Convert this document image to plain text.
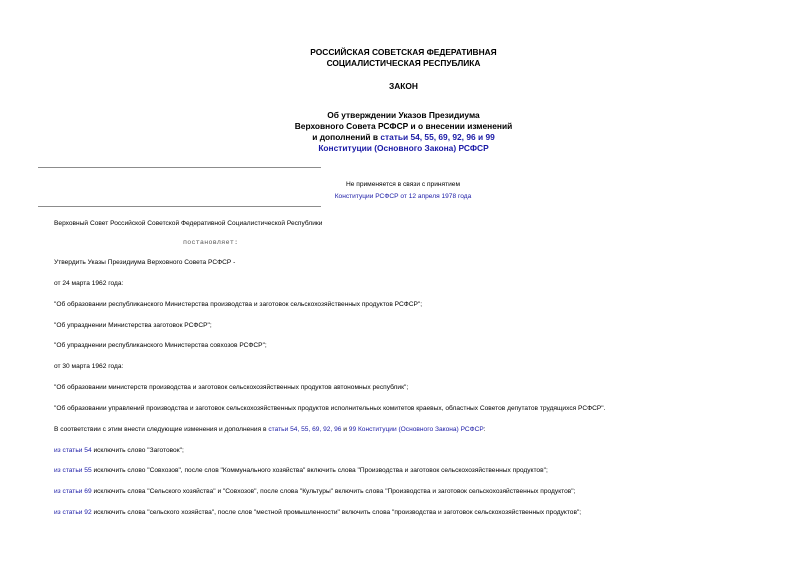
РОССИЙСКАЯ СОВЕТСКАЯ ФЕДЕРАТИВНАЯ
СОЦИАЛИСТИЧЕСКАЯ РЕСПУБЛИКА
ЗАКОН
Об утверждении Указов Президиума
Верховного Совета РСФСР и о внесении изменений
и дополнений в статьи 54, 55, 69, 92, 96 и 99
Конституции (Основного Закона) РСФСР
Не применяется в связи с принятием
Конституции РСФСР от 12 апреля 1978 года
Верховный Совет Российской Советской Федеративной Социалистической Республики
постановляет:
Утвердить Указы Президиума Верховного Совета РСФСР -
от 24 марта 1962 года:
"Об образовании республиканского Министерства производства и заготовок сельскохозяйственных продуктов РСФСР";
"Об упразднении Министерства заготовок РСФСР";
"Об упразднении республиканского Министерства совхозов РСФСР";
от 30 марта 1962 года:
"Об образовании министерств производства и заготовок сельскохозяйственных продуктов автономных республик";
"Об образовании управлений производства и заготовок сельскохозяйственных продуктов исполнительных комитетов краевых, областных Советов депутатов трудящихся РСФСР".
В соответствии с этим внести следующие изменения и дополнения в статьи 54, 55, 69, 92, 96 и 99 Конституции (Основного Закона) РСФСР:
из статьи 54 исключить слово "Заготовок";
из статьи 55 исключить слово "Совхозов", после слов "Коммунального хозяйства" включить слова "Производства и заготовок сельскохозяйственных продуктов";
из статьи 69 исключить слова "Сельского хозяйства" и "Совхозов", после слова "Культуры" включить слова "Производства и заготовок сельскохозяйственных продуктов";
из статьи 92 исключить слова "сельского хозяйства", после слов "местной промышленности" включить слова "производства и заготовок сельскохозяйственных продуктов";
